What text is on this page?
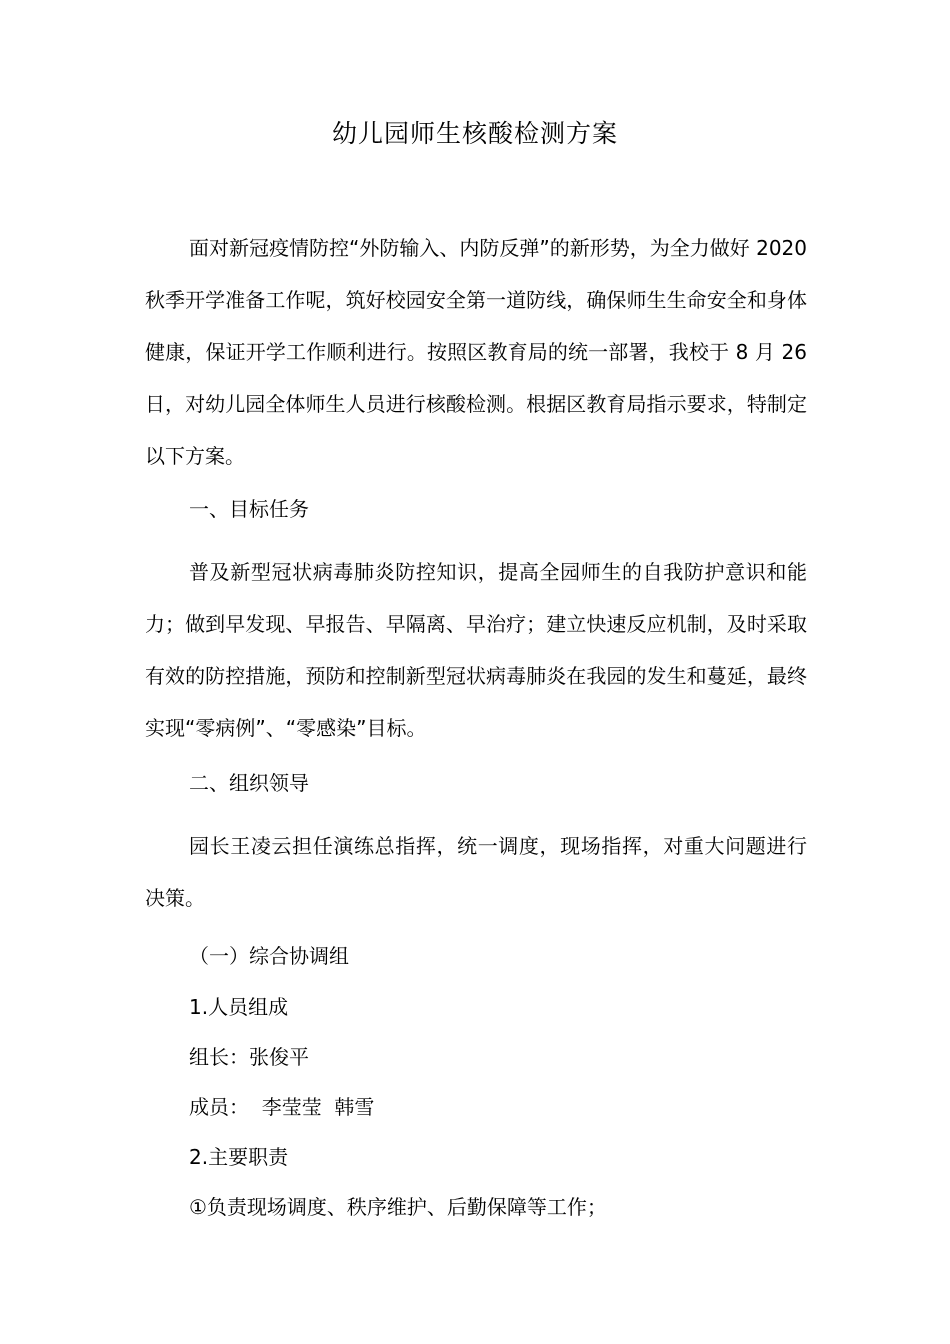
幼儿园师生核酸检测方案
面对新冠疫情防控“外防输入、内防反弹”的新形势，为全力做好 2020 秋季开学准备工作呢，筑好校园安全第一道防线，确保师生生命安全和身体健康，保证开学工作顺利进行。按照区教育局的统一部署，我校于 8 月 26 日，对幼儿园全体师生人员进行核酸检测。根据区教育局指示要求，特制定以下方案。
一、目标任务
普及新型冠状病毒肺炎防控知识，提高全园师生的自我防护意识和能力；做到早发现、早报告、早隔离、早治疗；建立快速反应机制，及时采取有效的防控措施，预防和控制新型冠状病毒肺炎在我园的发生和蔓延，最终实现“零病例”、“零感染”目标。
二、组织领导
园长王凌云担任演练总指挥，统一调度，现场指挥，对重大问题进行决策。
（一）综合协调组
1.人员组成
组长：张俊平
成员：  李莹莹  韩雪
2.主要职责
①负责现场调度、秩序维护、后勤保障等工作；
